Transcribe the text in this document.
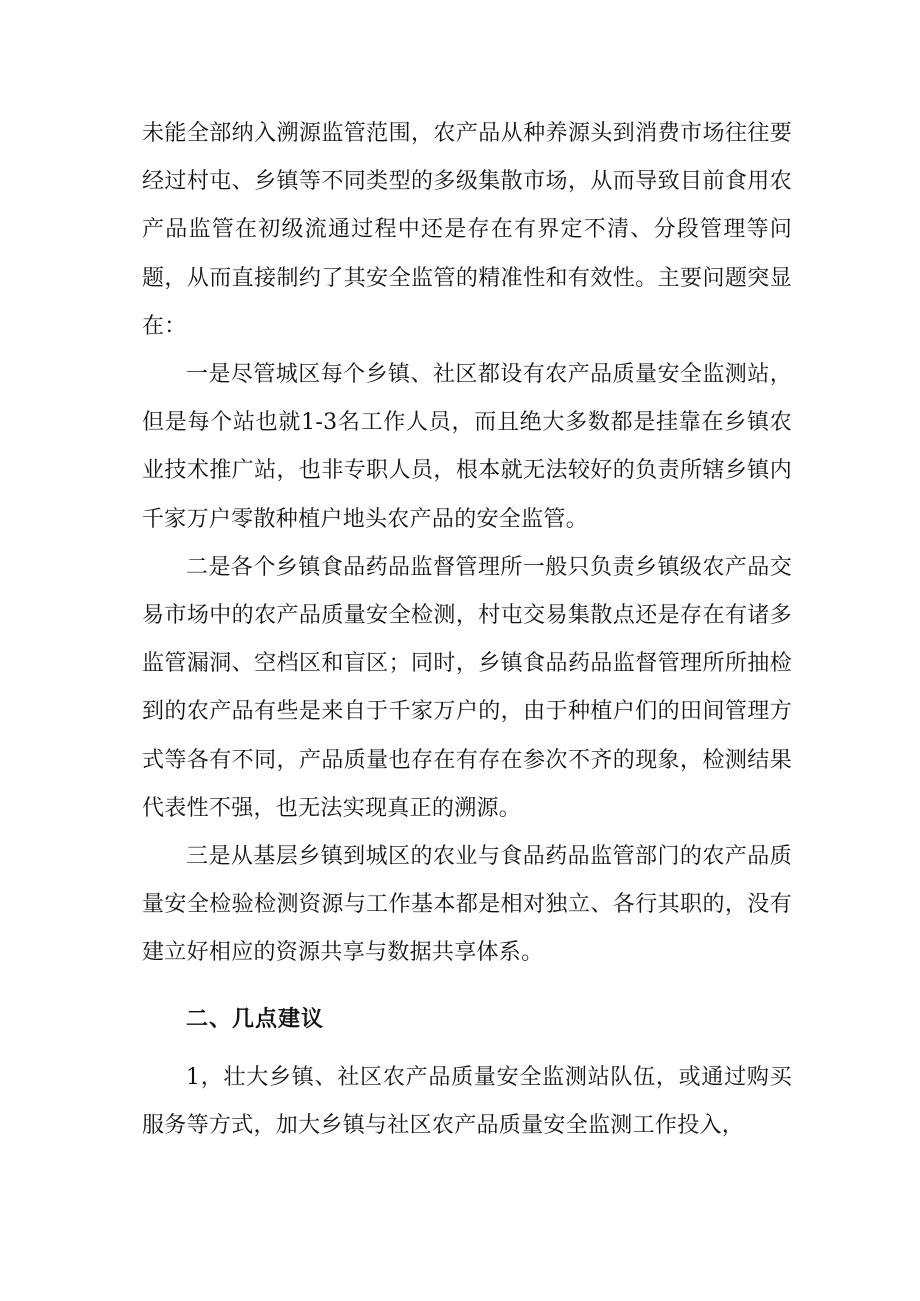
未能全部纳入溯源监管范围，农产品从种养源头到消费市场往往要经过村屯、乡镇等不同类型的多级集散市场，从而导致目前食用农产品监管在初级流通过程中还是存在有界定不清、分段管理等问题，从而直接制约了其安全监管的精准性和有效性。主要问题突显在：

一是尽管城区每个乡镇、社区都设有农产品质量安全监测站，但是每个站也就1-3名工作人员，而且绝大多数都是挂靠在乡镇农业技术推广站，也非专职人员，根本就无法较好的负责所辖乡镇内千家万户零散种植户地头农产品的安全监管。

二是各个乡镇食品药品监督管理所一般只负责乡镇级农产品交易市场中的农产品质量安全检测，村屯交易集散点还是存在有诸多监管漏洞、空档区和盲区；同时，乡镇食品药品监督管理所所抽检到的农产品有些是来自于千家万户的，由于种植户们的田间管理方式等各有不同，产品质量也存在有存在参次不齐的现象，检测结果代表性不强，也无法实现真正的溯源。

三是从基层乡镇到城区的农业与食品药品监管部门的农产品质量安全检验检测资源与工作基本都是相对独立、各行其职的，没有建立好相应的资源共享与数据共享体系。

二、几点建议

1，壮大乡镇、社区农产品质量安全监测站队伍，或通过购买服务等方式，加大乡镇与社区农产品质量安全监测工作投入，
